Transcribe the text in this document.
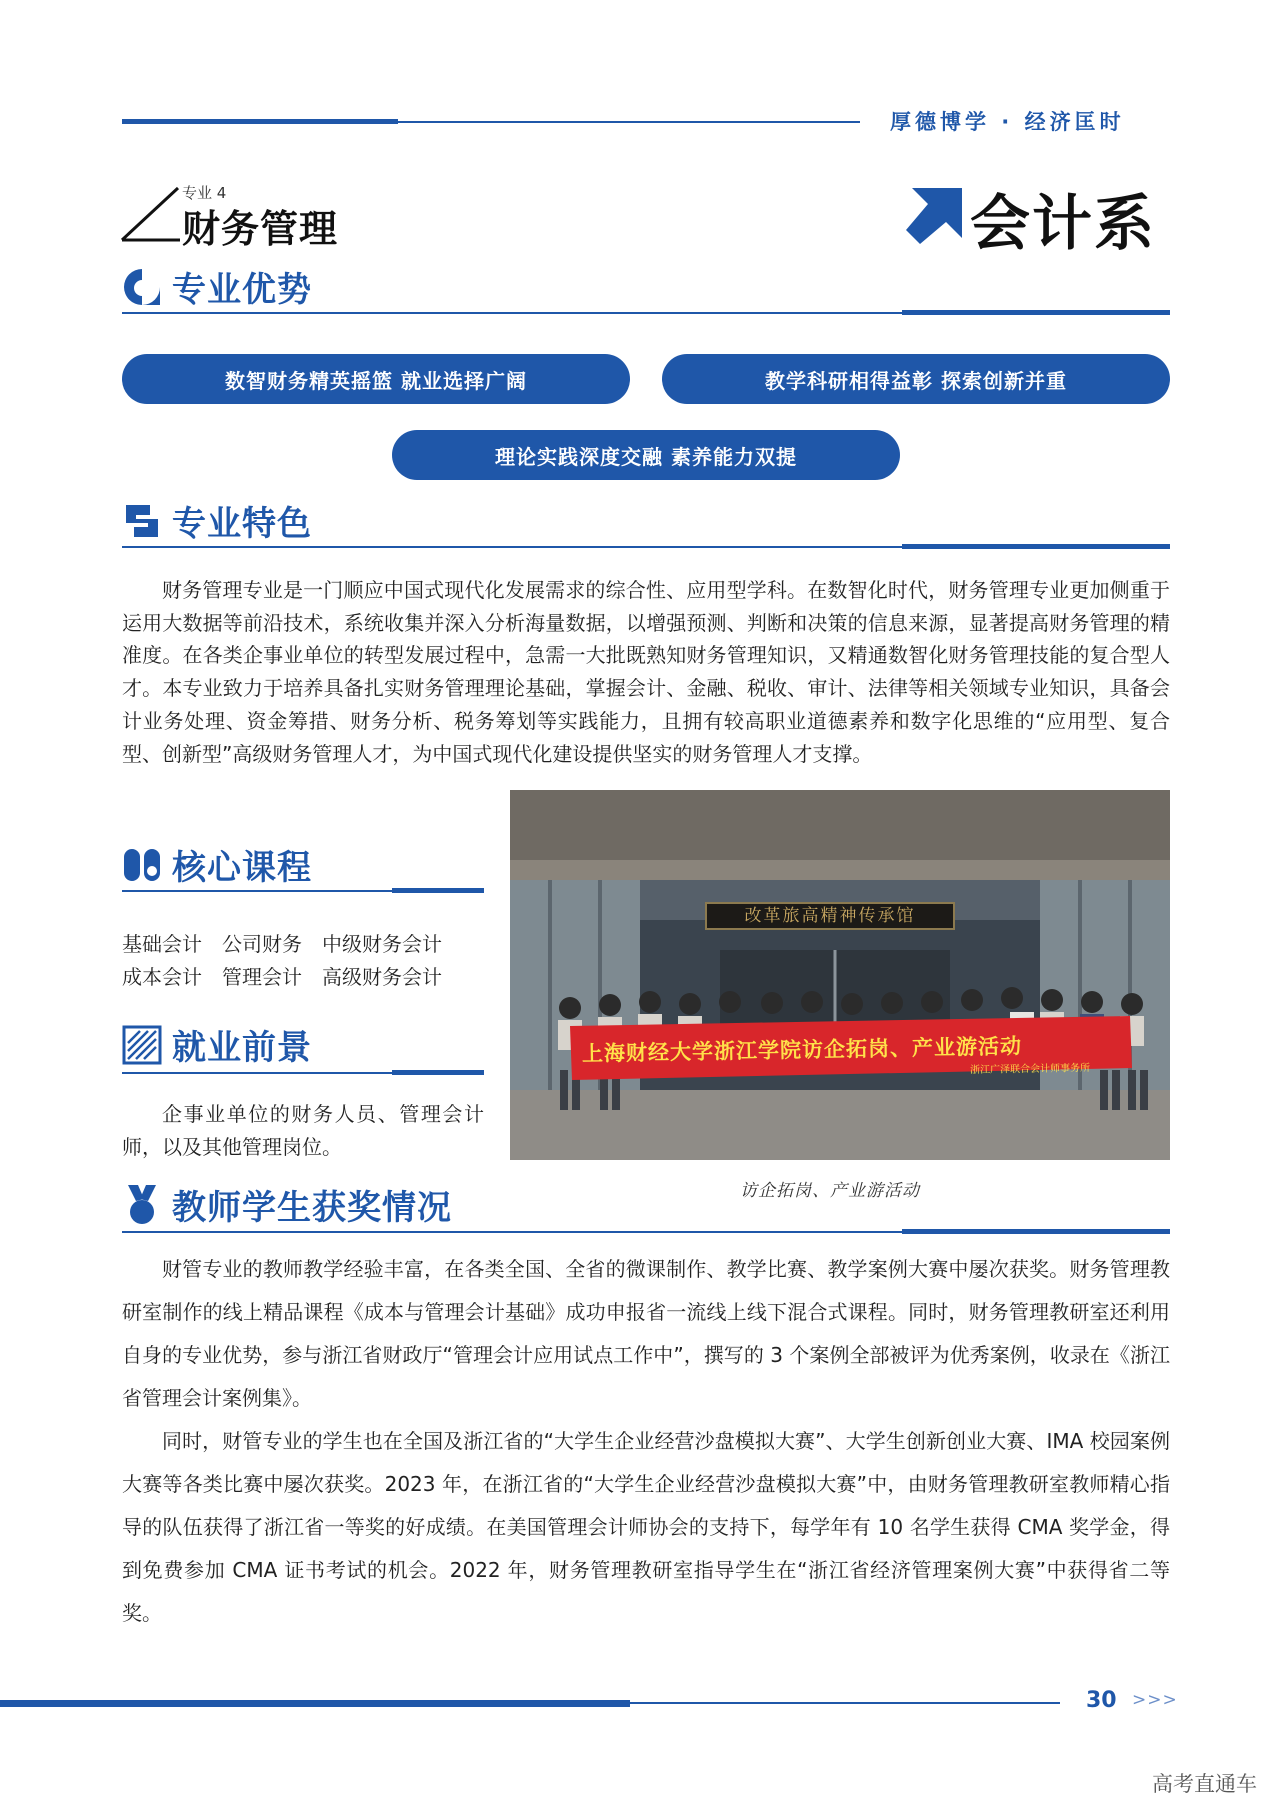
厚德博学 · 经济匡时
专业 4
财务管理	会计系
专业优势
数智财务精英摇篮 就业选择广阔	教学科研相得益彰 探索创新并重
理论实践深度交融 素养能力双提
专业特色
财务管理专业是一门顺应中国式现代化发展需求的综合性、应用型学科。在数智化时代，财务管理专业更加侧重于运用大数据等前沿技术，系统收集并深入分析海量数据，以增强预测、判断和决策的信息来源，显著提高财务管理的精准度。在各类企事业单位的转型发展过程中，急需一大批既熟知财务管理知识，又精通数智化财务管理技能的复合型人才。本专业致力于培养具备扎实财务管理理论基础，掌握会计、金融、税收、审计、法律等相关领域专业知识，具备会计业务处理、资金筹措、财务分析、税务筹划等实践能力，且拥有较高职业道德素养和数字化思维的“应用型、复合型、创新型”高级财务管理人才，为中国式现代化建设提供坚实的财务管理人才支撑。
核心课程
基础会计 公司财务 中级财务会计
成本会计 管理会计 高级财务会计
就业前景
企事业单位的财务人员、管理会计师，以及其他管理岗位。
改革旅高精神传承馆
上海财经大学浙江学院访企拓岗、产业游活动
浙江广泽联合会计师事务所
访企拓岗、产业游活动
教师学生获奖情况
财管专业的教师教学经验丰富，在各类全国、全省的微课制作、教学比赛、教学案例大赛中屡次获奖。财务管理教研室制作的线上精品课程《成本与管理会计基础》成功申报省一流线上线下混合式课程。同时，财务管理教研室还利用自身的专业优势，参与浙江省财政厅“管理会计应用试点工作中”，撰写的 3 个案例全部被评为优秀案例，收录在《浙江省管理会计案例集》。
同时，财管专业的学生也在全国及浙江省的“大学生企业经营沙盘模拟大赛”、大学生创新创业大赛、IMA 校园案例大赛等各类比赛中屡次获奖。2023 年，在浙江省的“大学生企业经营沙盘模拟大赛”中，由财务管理教研室教师精心指导的队伍获得了浙江省一等奖的好成绩。在美国管理会计师协会的支持下，每学年有 10 名学生获得 CMA 奖学金，得到免费参加 CMA 证书考试的机会。2022 年，财务管理教研室指导学生在“浙江省经济管理案例大赛”中获得省二等奖。
30 >>>
高考直通车
